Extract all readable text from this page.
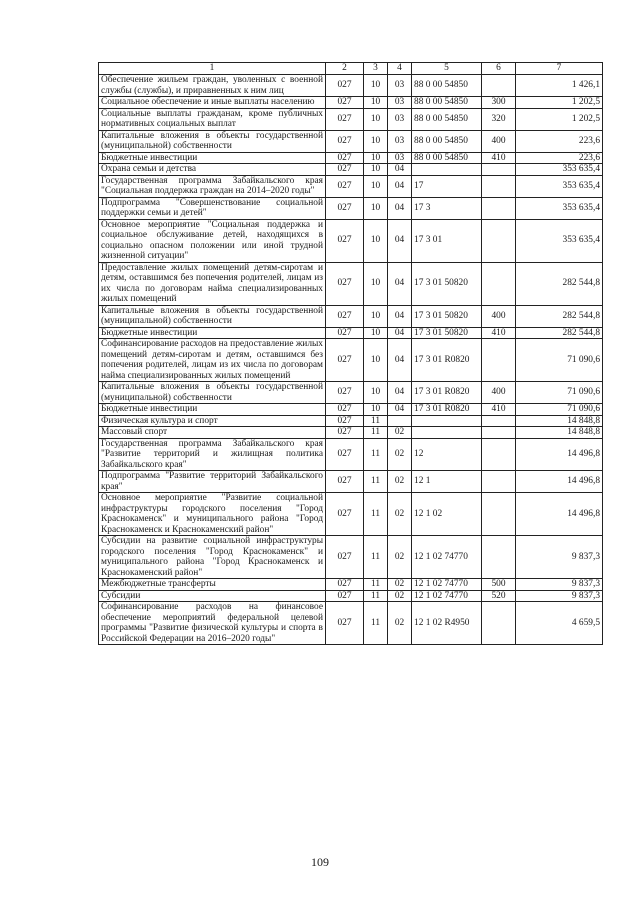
1	2	3	4	5	6	7
Обеспечение жильем граждан, уволенных с военной службы (службы), и приравненных к ним лиц	027	10	03	88 0 00 54850		1 426,1
Социальное обеспечение и иные выплаты населению	027	10	03	88 0 00 54850	300	1 202,5
Социальные выплаты гражданам, кроме публичных нормативных социальных выплат	027	10	03	88 0 00 54850	320	1 202,5
Капитальные вложения в объекты государственной (муниципальной) собственности	027	10	03	88 0 00 54850	400	223,6
Бюджетные инвестиции	027	10	03	88 0 00 54850	410	223,6
Охрана семьи и детства	027	10	04			353 635,4
Государственная программа Забайкальского края "Социальная поддержка граждан на 2014–2020 годы"	027	10	04	17		353 635,4
Подпрограмма "Совершенствование социальной поддержки семьи и детей"	027	10	04	17 3		353 635,4
Основное мероприятие "Социальная поддержка и социальное обслуживание детей, находящихся в социально опасном положении или иной трудной жизненной ситуации"	027	10	04	17 3 01		353 635,4
Предоставление жилых помещений детям-сиротам и детям, оставшимся без попечения родителей, лицам из их числа по договорам найма специализированных жилых помещений	027	10	04	17 3 01 50820		282 544,8
Капитальные вложения в объекты государственной (муниципальной) собственности	027	10	04	17 3 01 50820	400	282 544,8
Бюджетные инвестиции	027	10	04	17 3 01 50820	410	282 544,8
Софинансирование расходов на предоставление жилых помещений детям-сиротам и детям, оставшимся без попечения родителей, лицам из их числа по договорам найма специализированных жилых помещений	027	10	04	17 3 01 R0820		71 090,6
Капитальные вложения в объекты государственной (муниципальной) собственности	027	10	04	17 3 01 R0820	400	71 090,6
Бюджетные инвестиции	027	10	04	17 3 01 R0820	410	71 090,6
Физическая культура и спорт	027	11				14 848,8
Массовый спорт	027	11	02			14 848,8
Государственная программа Забайкальского края "Развитие территорий и жилищная политика Забайкальского края"	027	11	02	12		14 496,8
Подпрограмма "Развитие территорий Забайкальского края"	027	11	02	12 1		14 496,8
Основное мероприятие "Развитие социальной инфраструктуры городского поселения "Город Краснокаменск" и муниципального района "Город Краснокаменск и Краснокаменский район"	027	11	02	12 1 02		14 496,8
Субсидии на развитие социальной инфраструктуры городского поселения "Город Краснокаменск" и муниципального района "Город Краснокаменск и Краснокаменский район"	027	11	02	12 1 02 74770		9 837,3
Межбюджетные трансферты	027	11	02	12 1 02 74770	500	9 837,3
Субсидии	027	11	02	12 1 02 74770	520	9 837,3
Софинансирование расходов на финансовое обеспечение мероприятий федеральной целевой программы "Развитие физической культуры и спорта в Российской Федерации на 2016–2020 годы"	027	11	02	12 1 02 R4950		4 659,5
109
